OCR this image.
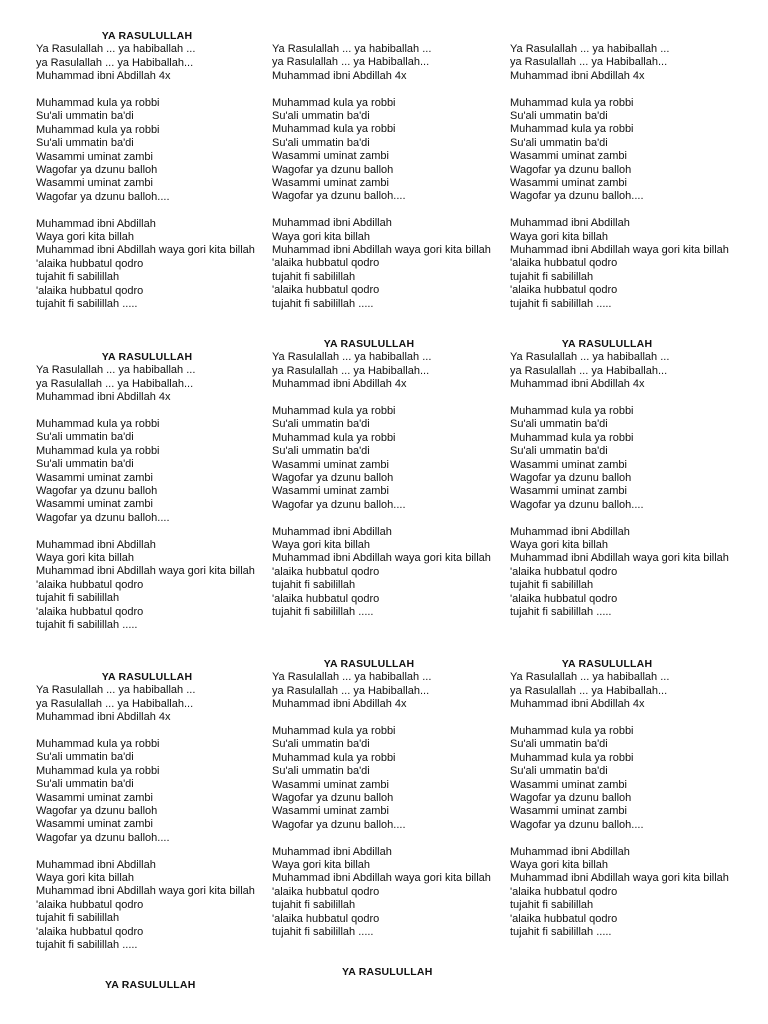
YA RASULULLAH
Ya Rasulallah ... ya habiballah ...
ya Rasulallah ... ya Habiballah...
Muhammad ibni Abdillah 4x
Muhammad kula ya robbi
Su'ali ummatin ba'di
Muhammad kula ya robbi
Su'ali ummatin ba'di
Wasammi uminat zambi
Wagofar ya dzunu balloh
Wasammi uminat zambi
Wagofar ya dzunu balloh....
Muhammad ibni Abdillah
Waya gori kita billah
Muhammad ibni Abdillah waya gori kita billah
'alaika hubbatul qodro
tujahit fi sabilillah
'alaika hubbatul qodro
tujahit fi sabilillah .....
Ya Rasulallah ... ya habiballah ...
ya Rasulallah ... ya Habiballah...
Muhammad ibni Abdillah 4x
Muhammad kula ya robbi
Su'ali ummatin ba'di
Muhammad kula ya robbi
Su'ali ummatin ba'di
Wasammi uminat zambi
Wagofar ya dzunu balloh
Wasammi uminat zambi
Wagofar ya dzunu balloh....
Muhammad ibni Abdillah
Waya gori kita billah
Muhammad ibni Abdillah waya gori kita billah
'alaika hubbatul qodro
tujahit fi sabilillah
'alaika hubbatul qodro
tujahit fi sabilillah .....
Ya Rasulallah ... ya habiballah ...
ya Rasulallah ... ya Habiballah...
Muhammad ibni Abdillah 4x
Muhammad kula ya robbi
Su'ali ummatin ba'di
Muhammad kula ya robbi
Su'ali ummatin ba'di
Wasammi uminat zambi
Wagofar ya dzunu balloh
Wasammi uminat zambi
Wagofar ya dzunu balloh....
Muhammad ibni Abdillah
Waya gori kita billah
Muhammad ibni Abdillah waya gori kita billah
'alaika hubbatul qodro
tujahit fi sabilillah
'alaika hubbatul qodro
tujahit fi sabilillah .....
YA RASULULLAH
Ya Rasulallah ... ya habiballah ...
ya Rasulallah ... ya Habiballah...
Muhammad ibni Abdillah 4x
Muhammad kula ya robbi
Su'ali ummatin ba'di
Muhammad kula ya robbi
Su'ali ummatin ba'di
Wasammi uminat zambi
Wagofar ya dzunu balloh
Wasammi uminat zambi
Wagofar ya dzunu balloh....
Muhammad ibni Abdillah
Waya gori kita billah
Muhammad ibni Abdillah waya gori kita billah
'alaika hubbatul qodro
tujahit fi sabilillah
'alaika hubbatul qodro
tujahit fi sabilillah .....
YA RASULULLAH
Ya Rasulallah ... ya habiballah ...
ya Rasulallah ... ya Habiballah...
Muhammad ibni Abdillah 4x
Muhammad kula ya robbi
Su'ali ummatin ba'di
Muhammad kula ya robbi
Su'ali ummatin ba'di
Wasammi uminat zambi
Wagofar ya dzunu balloh
Wasammi uminat zambi
Wagofar ya dzunu balloh....
Muhammad ibni Abdillah
Waya gori kita billah
Muhammad ibni Abdillah waya gori kita billah
'alaika hubbatul qodro
tujahit fi sabilillah
'alaika hubbatul qodro
tujahit fi sabilillah .....
YA RASULULLAH
Ya Rasulallah ... ya habiballah ...
ya Rasulallah ... ya Habiballah...
Muhammad ibni Abdillah 4x
Muhammad kula ya robbi
Su'ali ummatin ba'di
Muhammad kula ya robbi
Su'ali ummatin ba'di
Wasammi uminat zambi
Wagofar ya dzunu balloh
Wasammi uminat zambi
Wagofar ya dzunu balloh....
Muhammad ibni Abdillah
Waya gori kita billah
Muhammad ibni Abdillah waya gori kita billah
'alaika hubbatul qodro
tujahit fi sabilillah
'alaika hubbatul qodro
tujahit fi sabilillah .....
YA RASULULLAH
Ya Rasulallah ... ya habiballah ...
ya Rasulallah ... ya Habiballah...
Muhammad ibni Abdillah 4x
Muhammad kula ya robbi
Su'ali ummatin ba'di
Muhammad kula ya robbi
Su'ali ummatin ba'di
Wasammi uminat zambi
Wagofar ya dzunu balloh
Wasammi uminat zambi
Wagofar ya dzunu balloh....
Muhammad ibni Abdillah
Waya gori kita billah
Muhammad ibni Abdillah waya gori kita billah
'alaika hubbatul qodro
tujahit fi sabilillah
'alaika hubbatul qodro
tujahit fi sabilillah .....
YA RASULULLAH
Ya Rasulallah ... ya habiballah ...
ya Rasulallah ... ya Habiballah...
Muhammad ibni Abdillah 4x
Muhammad kula ya robbi
Su'ali ummatin ba'di
Muhammad kula ya robbi
Su'ali ummatin ba'di
Wasammi uminat zambi
Wagofar ya dzunu balloh
Wasammi uminat zambi
Wagofar ya dzunu balloh....
Muhammad ibni Abdillah
Waya gori kita billah
Muhammad ibni Abdillah waya gori kita billah
'alaika hubbatul qodro
tujahit fi sabilillah
'alaika hubbatul qodro
tujahit fi sabilillah .....
YA RASULULLAH
Ya Rasulallah ... ya habiballah ...
ya Rasulallah ... ya Habiballah...
Muhammad ibni Abdillah 4x
Muhammad kula ya robbi
Su'ali ummatin ba'di
Muhammad kula ya robbi
Su'ali ummatin ba'di
Wasammi uminat zambi
Wagofar ya dzunu balloh
Wasammi uminat zambi
Wagofar ya dzunu balloh....
Muhammad ibni Abdillah
Waya gori kita billah
Muhammad ibni Abdillah waya gori kita billah
'alaika hubbatul qodro
tujahit fi sabilillah
'alaika hubbatul qodro
tujahit fi sabilillah .....
YA RASULULLAH
YA RASULULLAH
